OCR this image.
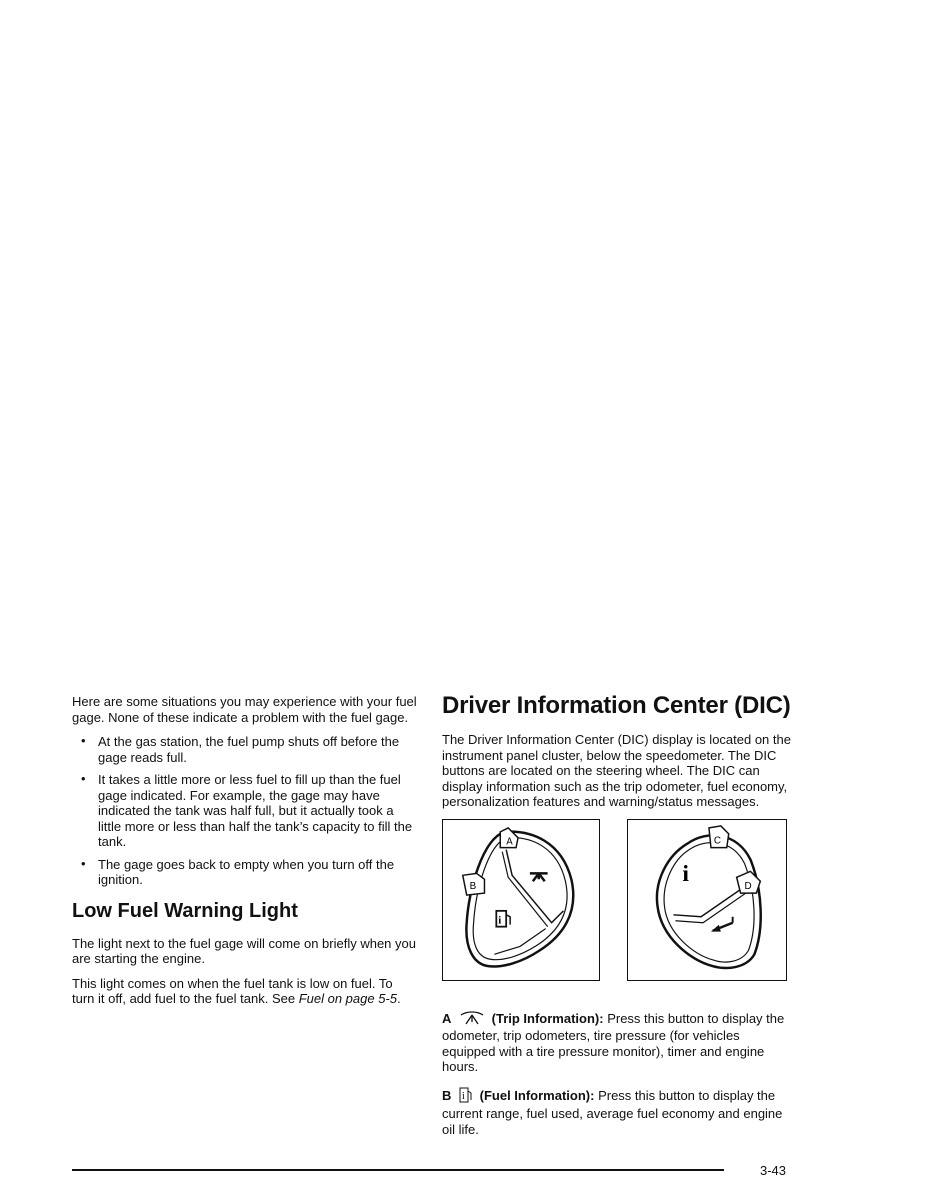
Here are some situations you may experience with your fuel gage. None of these indicate a problem with the fuel gage.

• At the gas station, the fuel pump shuts off before the gage reads full.
• It takes a little more or less fuel to fill up than the fuel gage indicated. For example, the gage may have indicated the tank was half full, but it actually took a little more or less than half the tank’s capacity to fill the tank.
• The gage goes back to empty when you turn off the ignition.
Low Fuel Warning Light

The light next to the fuel gage will come on briefly when you are starting the engine.

This light comes on when the fuel tank is low on fuel. To turn it off, add fuel to the fuel tank. See Fuel on page 5-5.

Driver Information Center (DIC)

The Driver Information Center (DIC) display is located on the instrument panel cluster, below the speedometer. The DIC buttons are located on the steering wheel. The DIC can display information such as the trip odometer, fuel economy, personalization features and warning/status messages.

A
B
i
C
D
i
A	(Trip Information): Press this button to display the odometer, trip odometers, tire pressure (for vehicles equipped with a tire pressure monitor), timer and engine hours.
B i (Fuel Information): Press this button to display the current range, fuel used, average fuel economy and engine oil life.
3-43
